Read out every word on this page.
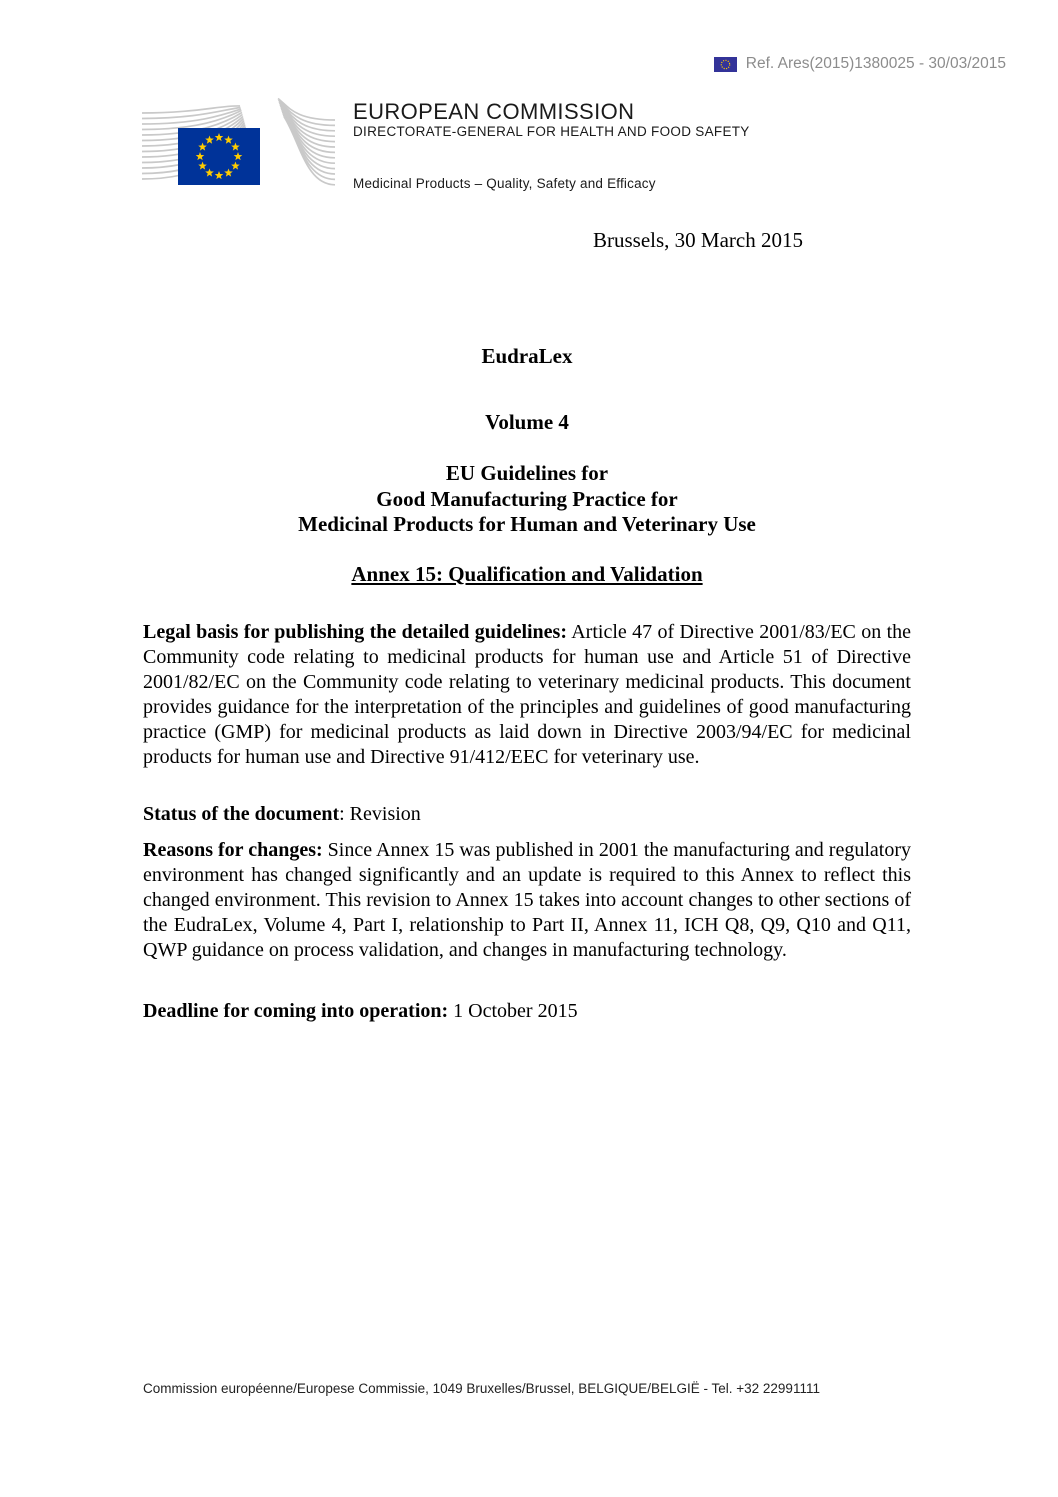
Ref. Ares(2015)1380025 - 30/03/2015
EUROPEAN COMMISSION
DIRECTORATE-GENERAL FOR HEALTH AND FOOD SAFETY
Medicinal Products – Quality, Safety and Efficacy
Brussels, 30 March 2015
EudraLex
Volume 4
EU Guidelines for
Good Manufacturing Practice for
Medicinal Products for Human and Veterinary Use
Annex 15: Qualification and Validation
Legal basis for publishing the detailed guidelines: Article 47 of Directive 2001/83/EC on the Community code relating to medicinal products for human use and Article 51 of Directive 2001/82/EC on the Community code relating to veterinary medicinal products. This document provides guidance for the interpretation of the principles and guidelines of good manufacturing practice (GMP) for medicinal products as laid down in Directive 2003/94/EC for medicinal products for human use and Directive 91/412/EEC for veterinary use.
Status of the document: Revision
Reasons for changes: Since Annex 15 was published in 2001 the manufacturing and regulatory environment has changed significantly and an update is required to this Annex to reflect this changed environment. This revision to Annex 15 takes into account changes to other sections of the EudraLex, Volume 4, Part I, relationship to Part II, Annex 11, ICH Q8, Q9, Q10 and Q11, QWP guidance on process validation, and changes in manufacturing technology.
Deadline for coming into operation: 1 October 2015
Commission européenne/Europese Commissie, 1049 Bruxelles/Brussel, BELGIQUE/BELGIË - Tel. +32 22991111
